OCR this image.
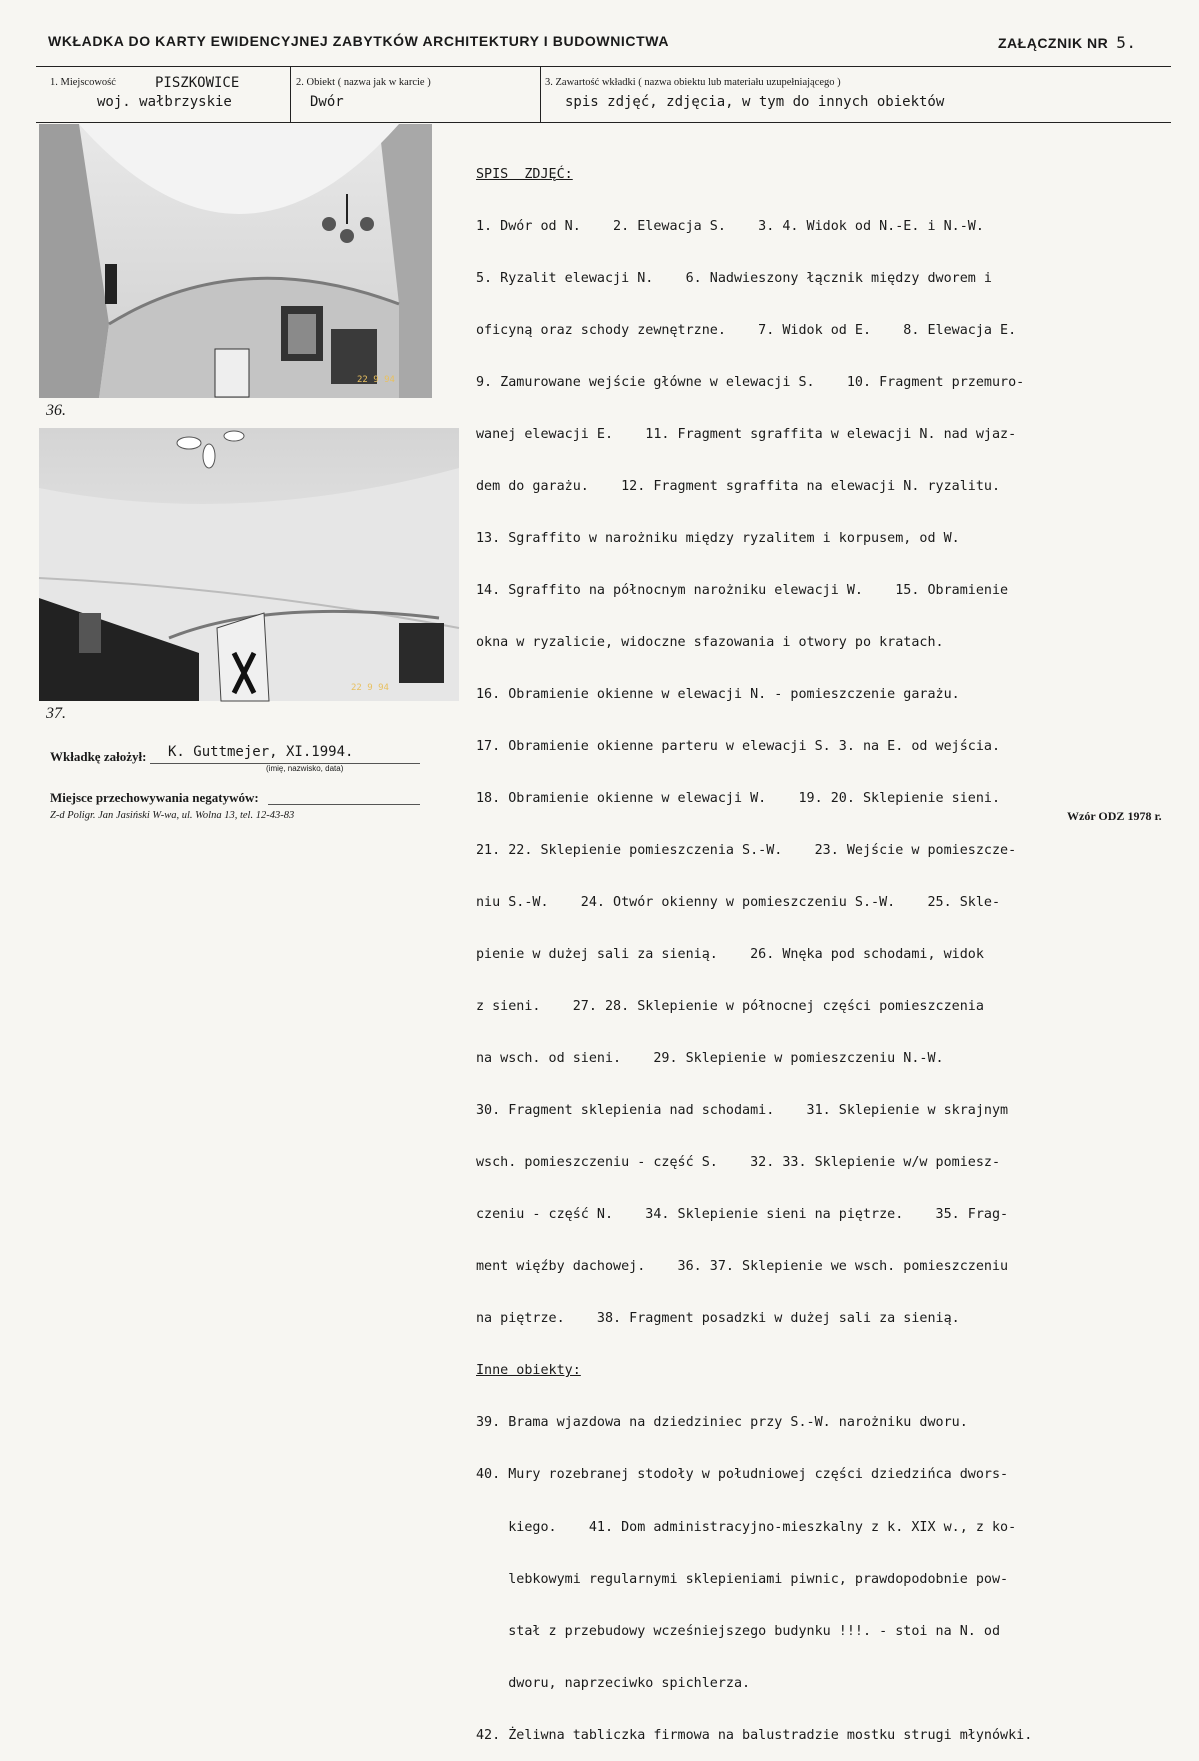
WKŁADKA DO KARTY EWIDENCYJNEJ ZABYTKÓW ARCHITEKTURY I BUDOWNICTWA	ZAŁĄCZNIK NR 5.
1. Miejscowość	PISZKOWICE
woj. wałbrzyskie
2. Obiekt ( nazwa jak w karcie )
Dwór
3. Zawartość wkładki ( nazwa obiektu lub materiału uzupełniającego )
spis zdjęć, zdjęcia, w tym do innych obiektów
22 9 94
36.
22 9 94
37.

SPIS  ZDJĘĆ:

1. Dwór od N.    2. Elewacja S.    3. 4. Widok od N.-E. i N.-W.

5. Ryzalit elewacji N.    6. Nadwieszony łącznik między dworem i

oficyną oraz schody zewnętrzne.    7. Widok od E.    8. Elewacja E.

9. Zamurowane wejście główne w elewacji S.    10. Fragment przemuro-

wanej elewacji E.    11. Fragment sgraffita w elewacji N. nad wjaz-

dem do garażu.    12. Fragment sgraffita na elewacji N. ryzalitu.

13. Sgraffito w narożniku między ryzalitem i korpusem, od W.

14. Sgraffito na północnym narożniku elewacji W.    15. Obramienie

okna w ryzalicie, widoczne sfazowania i otwory po kratach.

16. Obramienie okienne w elewacji N. - pomieszczenie garażu.

17. Obramienie okienne parteru w elewacji S. 3. na E. od wejścia.

18. Obramienie okienne w elewacji W.    19. 20. Sklepienie sieni.

21. 22. Sklepienie pomieszczenia S.-W.    23. Wejście w pomieszcze-

niu S.-W.    24. Otwór okienny w pomieszczeniu S.-W.    25. Skle-

pienie w dużej sali za sienią.    26. Wnęka pod schodami, widok

z sieni.    27. 28. Sklepienie w północnej części pomieszczenia

na wsch. od sieni.    29. Sklepienie w pomieszczeniu N.-W.

30. Fragment sklepienia nad schodami.    31. Sklepienie w skrajnym

wsch. pomieszczeniu - część S.    32. 33. Sklepienie w/w pomiesz-

czeniu - część N.    34. Sklepienie sieni na piętrze.    35. Frag-

ment więźby dachowej.    36. 37. Sklepienie we wsch. pomieszczeniu

na piętrze.    38. Fragment posadzki w dużej sali za sienią.

Inne obiekty:

39. Brama wjazdowa na dziedziniec przy S.-W. narożniku dworu.

40. Mury rozebranej stodoły w południowej części dziedzińca dwors-

kiego.    41. Dom administracyjno-mieszkalny z k. XIX w., z ko-

lebkowymi regularnymi sklepieniami piwnic, prawdopodobnie pow-

stał z przebudowy wcześniejszego budynku !!!. - stoi na N. od

dworu, naprzeciwko spichlerza.

42. Żeliwna tabliczka firmowa na balustradzie mostku strugi młynówki.

Wkładkę założył: K. Guttmejer, XI.1994.
(imię, nazwisko, data)
Miejsce przechowywania negatywów:
Z-d Poligr. Jan Jasiński W-wa, ul. Wolna 13, tel. 12-43-83	Wzór ODZ 1978 r.
